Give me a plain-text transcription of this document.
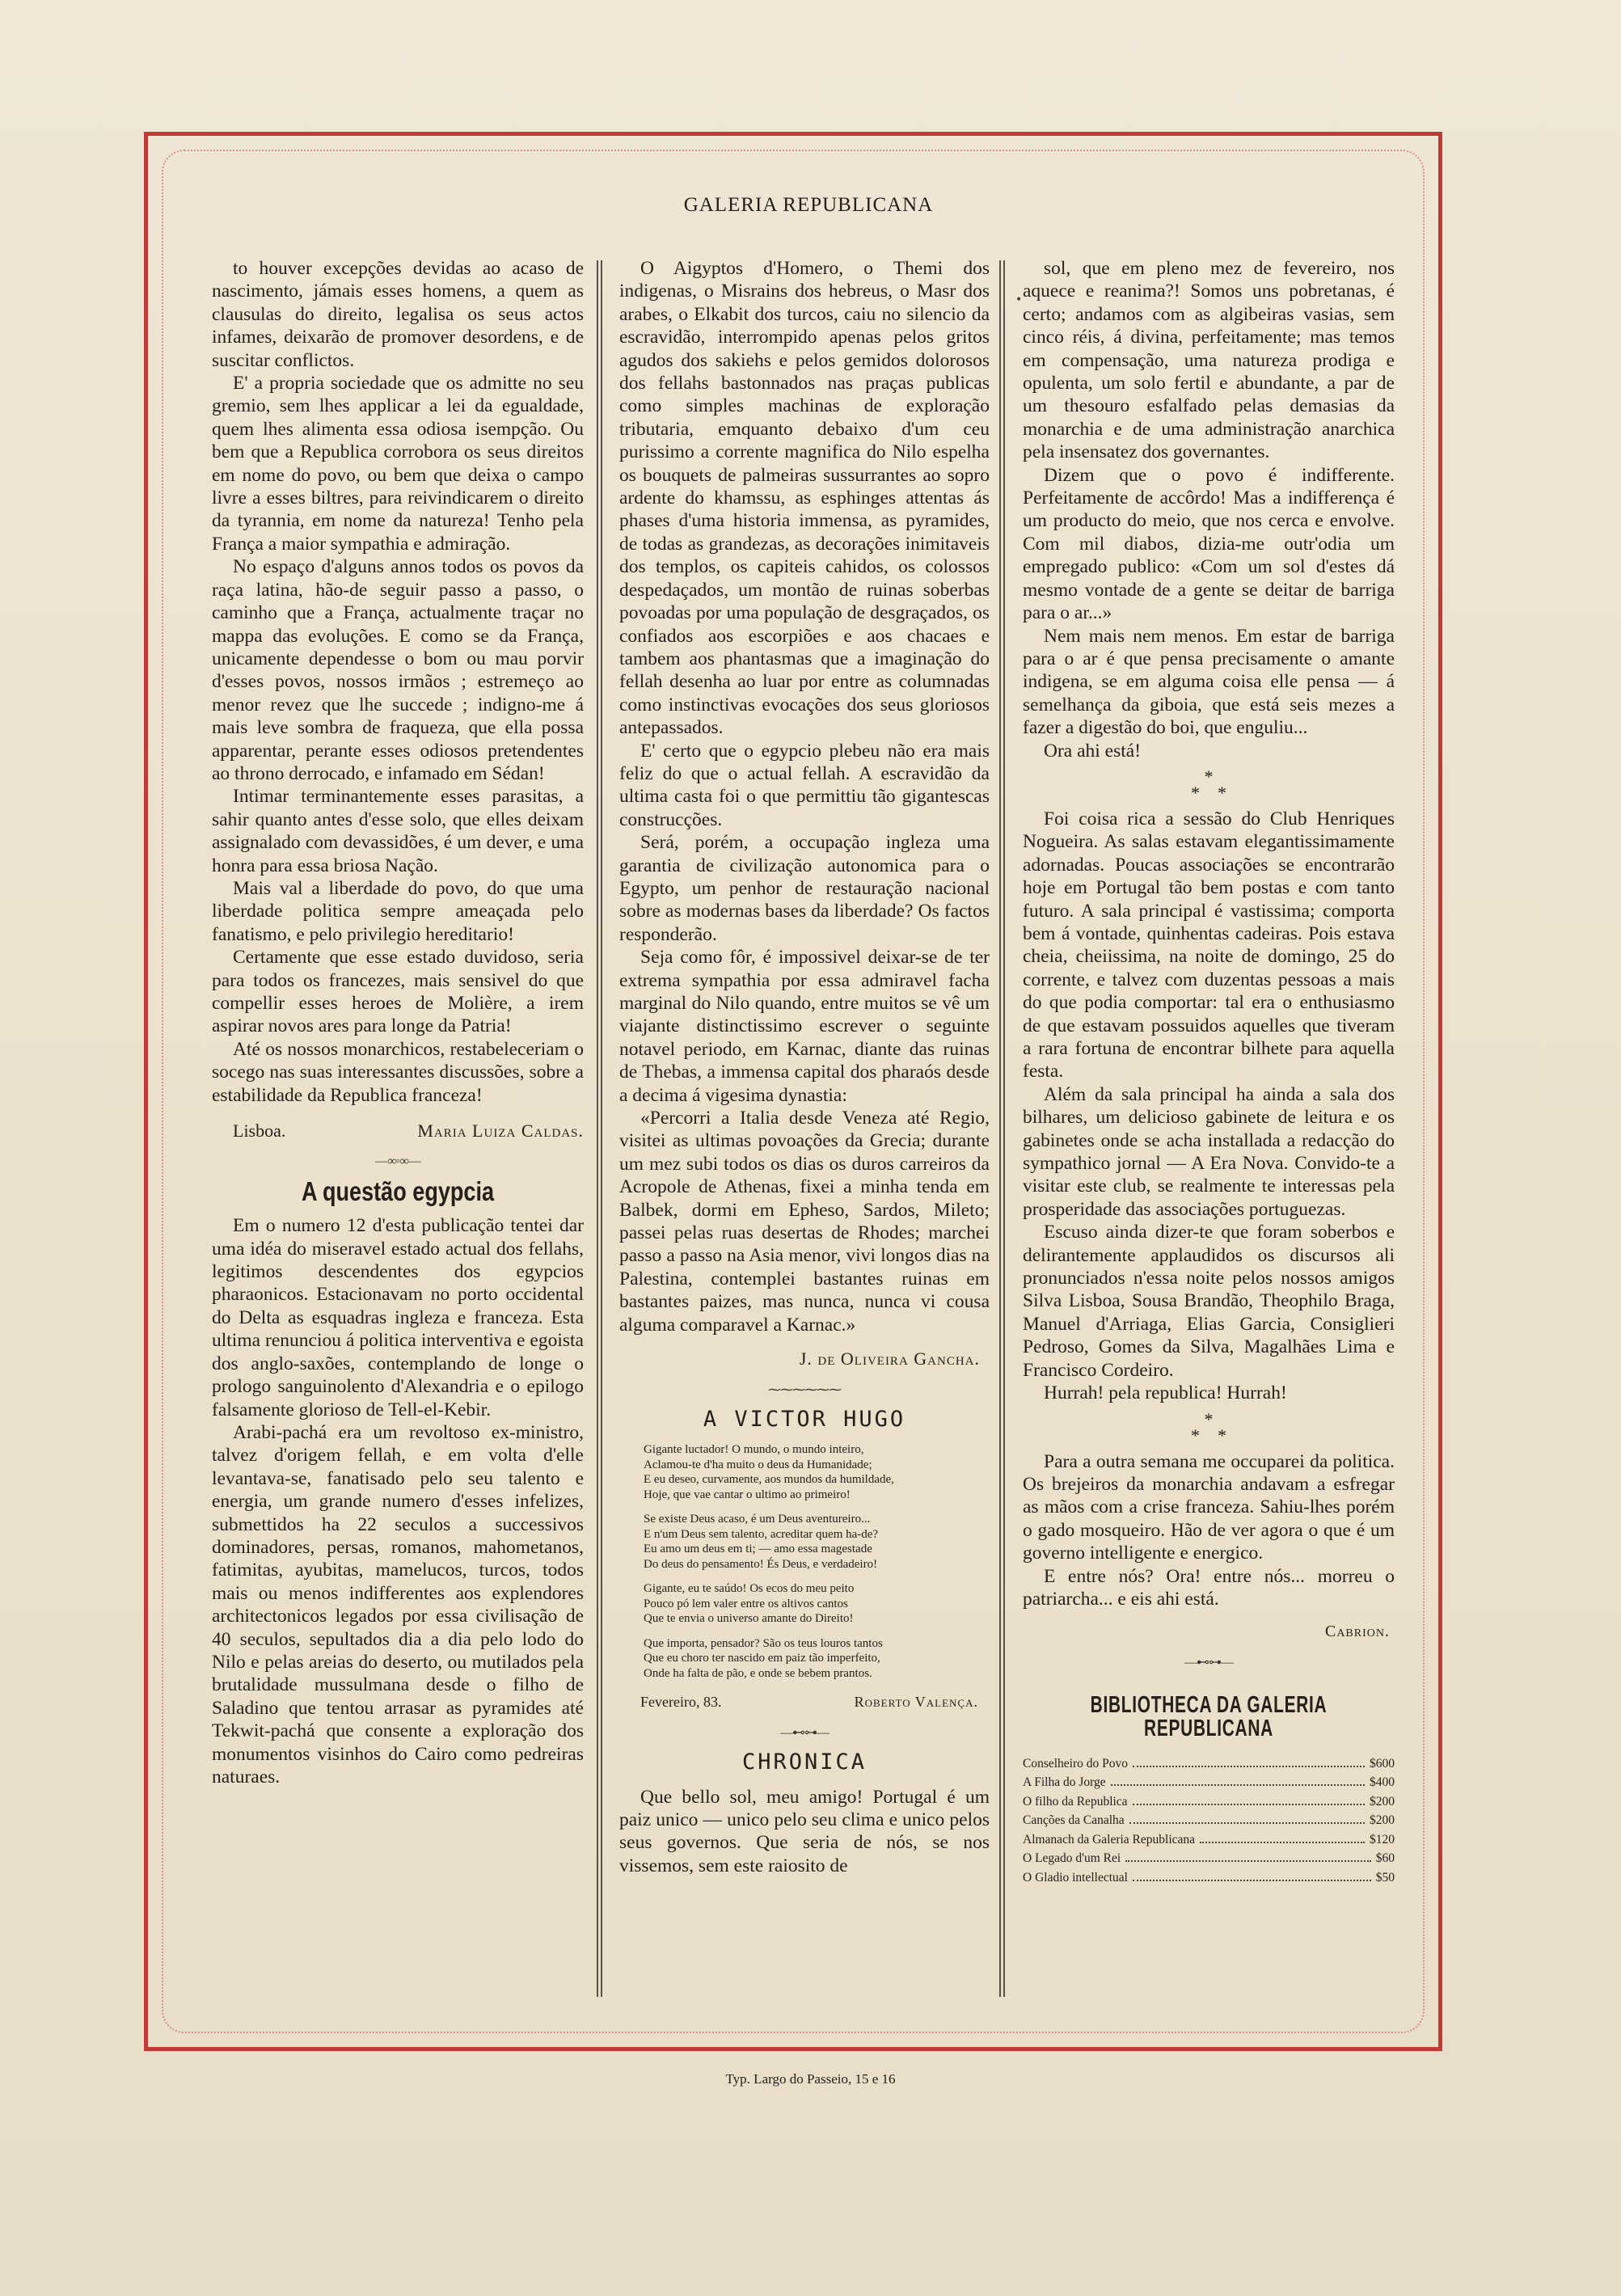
GALERIA REPUBLICANA
•

to houver excepções devidas ao acaso de nascimento, jámais esses homens, a quem as clausulas do direito, legalisa os seus actos infames, deixarão de promover desordens, e de suscitar conflictos.

E' a propria sociedade que os admitte no seu gremio, sem lhes applicar a lei da egualdade, quem lhes alimenta essa odiosa isempção. Ou bem que a Republica corrobora os seus direitos em nome do povo, ou bem que deixa o campo livre a esses biltres, para reivindicarem o direito da tyrannia, em nome da natureza! Tenho pela França a maior sympathia e admiração.

No espaço d'alguns annos todos os povos da raça latina, hão-de seguir passo a passo, o caminho que a França, actualmente traçar no mappa das evoluções. E como se da França, unicamente dependesse o bom ou mau porvir d'esses povos, nossos irmãos ; estremeço ao menor revez que lhe succede ; indigno-me á mais leve sombra de fraqueza, que ella possa apparentar, perante esses odiosos pretendentes ao throno derrocado, e infamado em Sédan!

Intimar terminantemente esses parasitas, a sahir quanto antes d'esse solo, que elles deixam assignalado com devassidões, é um dever, e uma honra para essa briosa Nação.

Mais val a liberdade do povo, do que uma liberdade politica sempre ameaçada pelo fanatismo, e pelo privilegio hereditario!

Certamente que esse estado duvidoso, seria para todos os francezes, mais sensivel do que compellir esses heroes de Molière, a irem aspirar novos ares para longe da Patria!

Até os nossos monarchicos, restabeleceriam o socego nas suas interessantes discussões, sobre a estabilidade da Republica franceza!

Lisboa.	Maria Luiza Caldas.
—∞◦∞—
A questão egypcia

Em o numero 12 d'esta publicação tentei dar uma idéa do miseravel estado actual dos fellahs, legitimos descendentes dos egypcios pharaonicos. Estacionavam no porto occidental do Delta as esquadras ingleza e franceza. Esta ultima renunciou á politica interventiva e egoista dos anglo-saxões, contemplando de longe o prologo sanguinolento d'Alexandria e o epilogo falsamente glorioso de Tell-el-Kebir.

Arabi-pachá era um revoltoso ex-ministro, talvez d'origem fellah, e em volta d'elle levantava-se, fanatisado pelo seu talento e energia, um grande numero d'esses infelizes, submettidos ha 22 seculos a successivos dominadores, persas, romanos, mahometanos, fatimitas, ayubitas, mamelucos, turcos, todos mais ou menos indifferentes aos explendores architectonicos legados por essa civilisação de 40 seculos, sepultados dia a dia pelo lodo do Nilo e pelas areias do deserto, ou mutilados pela brutalidade mussulmana desde o filho de Saladino que tentou arrasar as pyramides até Tekwit-pachá que consente a exploração dos monumentos visinhos do Cairo como pedreiras naturaes.

O Aigyptos d'Homero, o Themi dos indigenas, o Misrains dos hebreus, o Masr dos arabes, o Elkabit dos turcos, caiu no silencio da escravidão, interrompido apenas pelos gritos agudos dos sakiehs e pelos gemidos dolorosos dos fellahs bastonnados nas praças publicas como simples machinas de exploração tributaria, emquanto debaixo d'um ceu purissimo a corrente magnifica do Nilo espelha os bouquets de palmeiras sussurrantes ao sopro ardente do khamssu, as esphinges attentas ás phases d'uma historia immensa, as pyramides, de todas as grandezas, as decorações inimitaveis dos templos, os capiteis cahidos, os colossos despedaçados, um montão de ruinas soberbas povoadas por uma população de desgraçados, os confiados aos escorpiões e aos chacaes e tambem aos phantasmas que a imaginação do fellah desenha ao luar por entre as columnadas como instinctivas evocações dos seus gloriosos antepassados.

E' certo que o egypcio plebeu não era mais feliz do que o actual fellah. A escravidão da ultima casta foi o que permittiu tão gigantescas construcções.

Será, porém, a occupação ingleza uma garantia de civilização autonomica para o Egypto, um penhor de restauração nacional sobre as modernas bases da liberdade? Os factos responderão.

Seja como fôr, é impossivel deixar-se de ter extrema sympathia por essa admiravel facha marginal do Nilo quando, entre muitos se vê um viajante distinctissimo escrever o seguinte notavel periodo, em Karnac, diante das ruinas de Thebas, a immensa capital dos pharaós desde a decima á vigesima dynastia:

«Percorri a Italia desde Veneza até Regio, visitei as ultimas povoações da Grecia; durante um mez subi todos os dias os duros carreiros da Acropole de Athenas, fixei a minha tenda em Balbek, dormi em Epheso, Sardos, Mileto; passei pelas ruas desertas de Rhodes; marchei passo a passo na Asia menor, vivi longos dias na Palestina, contemplei bastantes ruinas em bastantes paizes, mas nunca, nunca vi cousa alguma comparavel a Karnac.»

J. de Oliveira Gancha.
⁓⁓⁓⁓⁓⁓
A VICTOR HUGO
Gigante luctador! O mundo, o mundo inteiro,
Aclamou-te d'ha muito o deus da Humanidade;
E eu deseo, curvamente, aos mundos da humildade,
Hoje, que vae cantar o ultimo ao primeiro!
Se existe Deus acaso, é um Deus aventureiro...
E n'um Deus sem talento, acreditar quem ha-de?
Eu amo um deus em ti; — amo essa magestade
Do deus do pensamento! És Deus, e verdadeiro!
Gigante, eu te saúdo! Os ecos do meu peito
Pouco pó lem valer entre os altivos cantos
Que te envia o universo amante do Direito!
Que importa, pensador? São os teus louros tantos
Que eu choro ter nascido em paiz tão imperfeito,
Onde ha falta de pão, e onde se bebem prantos.
Fevereiro, 83.	Roberto Valença.
—⊷⊶—
CHRONICA

Que bello sol, meu amigo! Portugal é um paiz unico — unico pelo seu clima e unico pelos seus governos. Que seria de nós, se nos vissemos, sem este raiosito de

sol, que em pleno mez de fevereiro, nos aquece e reanima?! Somos uns pobretanas, é certo; andamos com as algibeiras vasias, sem cinco réis, á divina, perfeitamente; mas temos em compensação, uma natureza prodiga e opulenta, um solo fertil e abundante, a par de um thesouro esfalfado pelas demasias da monarchia e de uma administração anarchica pela insensatez dos governantes.

Dizem que o povo é indifferente. Perfeitamente de accôrdo! Mas a indifferença é um producto do meio, que nos cerca e envolve. Com mil diabos, dizia-me outr'odia um empregado publico: «Com um sol d'estes dá mesmo vontade de a gente se deitar de barriga para o ar...»

Nem mais nem menos. Em estar de barriga para o ar é que pensa precisamente o amante indigena, se em alguma coisa elle pensa — á semelhança da giboia, que está seis mezes a fazer a digestão do boi, que enguliu...

Ora ahi está!

*
*    *

Foi coisa rica a sessão do Club Henriques Nogueira. As salas estavam elegantissimamente adornadas. Poucas associações se encontrarão hoje em Portugal tão bem postas e com tanto futuro. A sala principal é vastissima; comporta bem á vontade, quinhentas cadeiras. Pois estava cheia, cheiissima, na noite de domingo, 25 do corrente, e talvez com duzentas pessoas a mais do que podia comportar: tal era o enthusiasmo de que estavam possuidos aquelles que tiveram a rara fortuna de encontrar bilhete para aquella festa.

Além da sala principal ha ainda a sala dos bilhares, um delicioso gabinete de leitura e os gabinetes onde se acha installada a redacção do sympathico jornal — A Era Nova. Convido-te a visitar este club, se realmente te interessas pela prosperidade das associações portuguezas.

Escuso ainda dizer-te que foram soberbos e delirantemente applaudidos os discursos ali pronunciados n'essa noite pelos nossos amigos Silva Lisboa, Sousa Brandão, Theophilo Braga, Manuel d'Arriaga, Elias Garcia, Consiglieri Pedroso, Gomes da Silva, Magalhães Lima e Francisco Cordeiro.

Hurrah! pela republica! Hurrah!

*
*    *

Para a outra semana me occuparei da politica. Os brejeiros da monarchia andavam a esfregar as mãos com a crise franceza. Sahiu-lhes porém o gado mosqueiro. Hão de ver agora o que é um governo intelligente e energico.

E entre nós? Ora! entre nós... morreu o patriarcha... e eis ahi está.

Cabrion.
—⊷⊶—
BIBLIOTHECA DA GALERIA REPUBLICANA
Conselheiro do Povo	$600
A Filha do Jorge	$400
O filho da Republica	$200
Canções da Canalha	$200
Almanach da Galeria Republicana	$120
O Legado d'um Rei	$60
O Gladio intellectual	$50
Typ. Largo do Passeio, 15 e 16
